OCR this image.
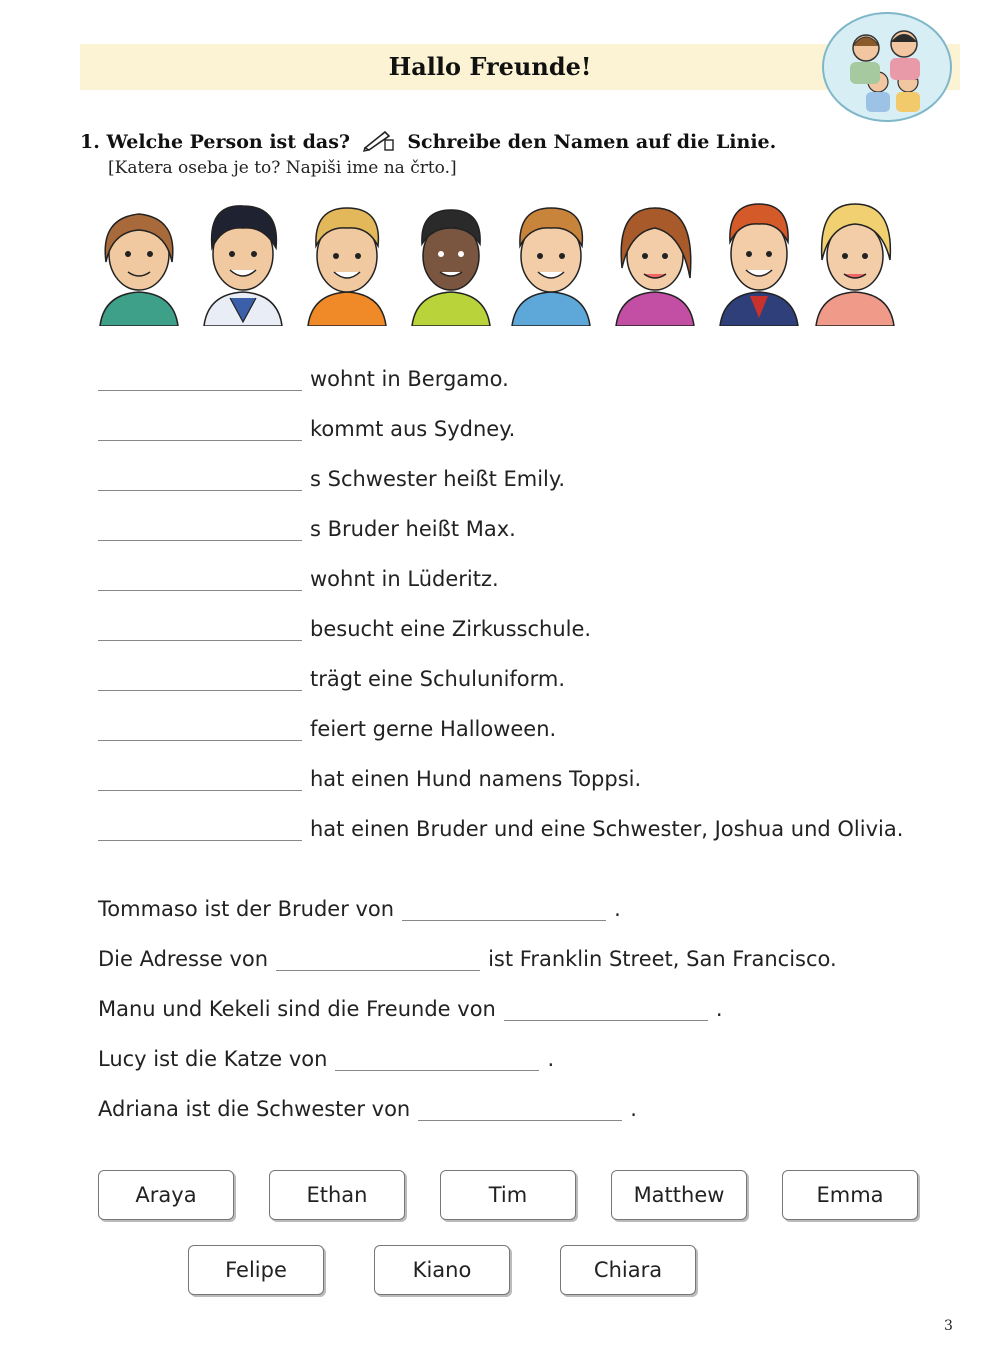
Hallo Freunde!
1. Welche Person ist das?	Schreibe den Namen auf die Linie.
[Katera oseba je to? Napiši ime na črto.]
wohnt in Bergamo.
kommt aus Sydney.
s Schwester heißt Emily.
s Bruder heißt Max.
wohnt in Lüderitz.
besucht eine Zirkusschule.
trägt eine Schuluniform.
feiert gerne Halloween.
hat einen Hund namens Toppsi.
hat einen Bruder und eine Schwester, Joshua und Olivia.
Tommaso ist der Bruder von	.
Die Adresse von	ist Franklin Street, San Francisco.
Manu und Kekeli sind die Freunde von	.
Lucy ist die Katze von	.
Adriana ist die Schwester von	.
Araya	Ethan	Tim	Matthew	Emma
Felipe	Kiano	Chiara
3
